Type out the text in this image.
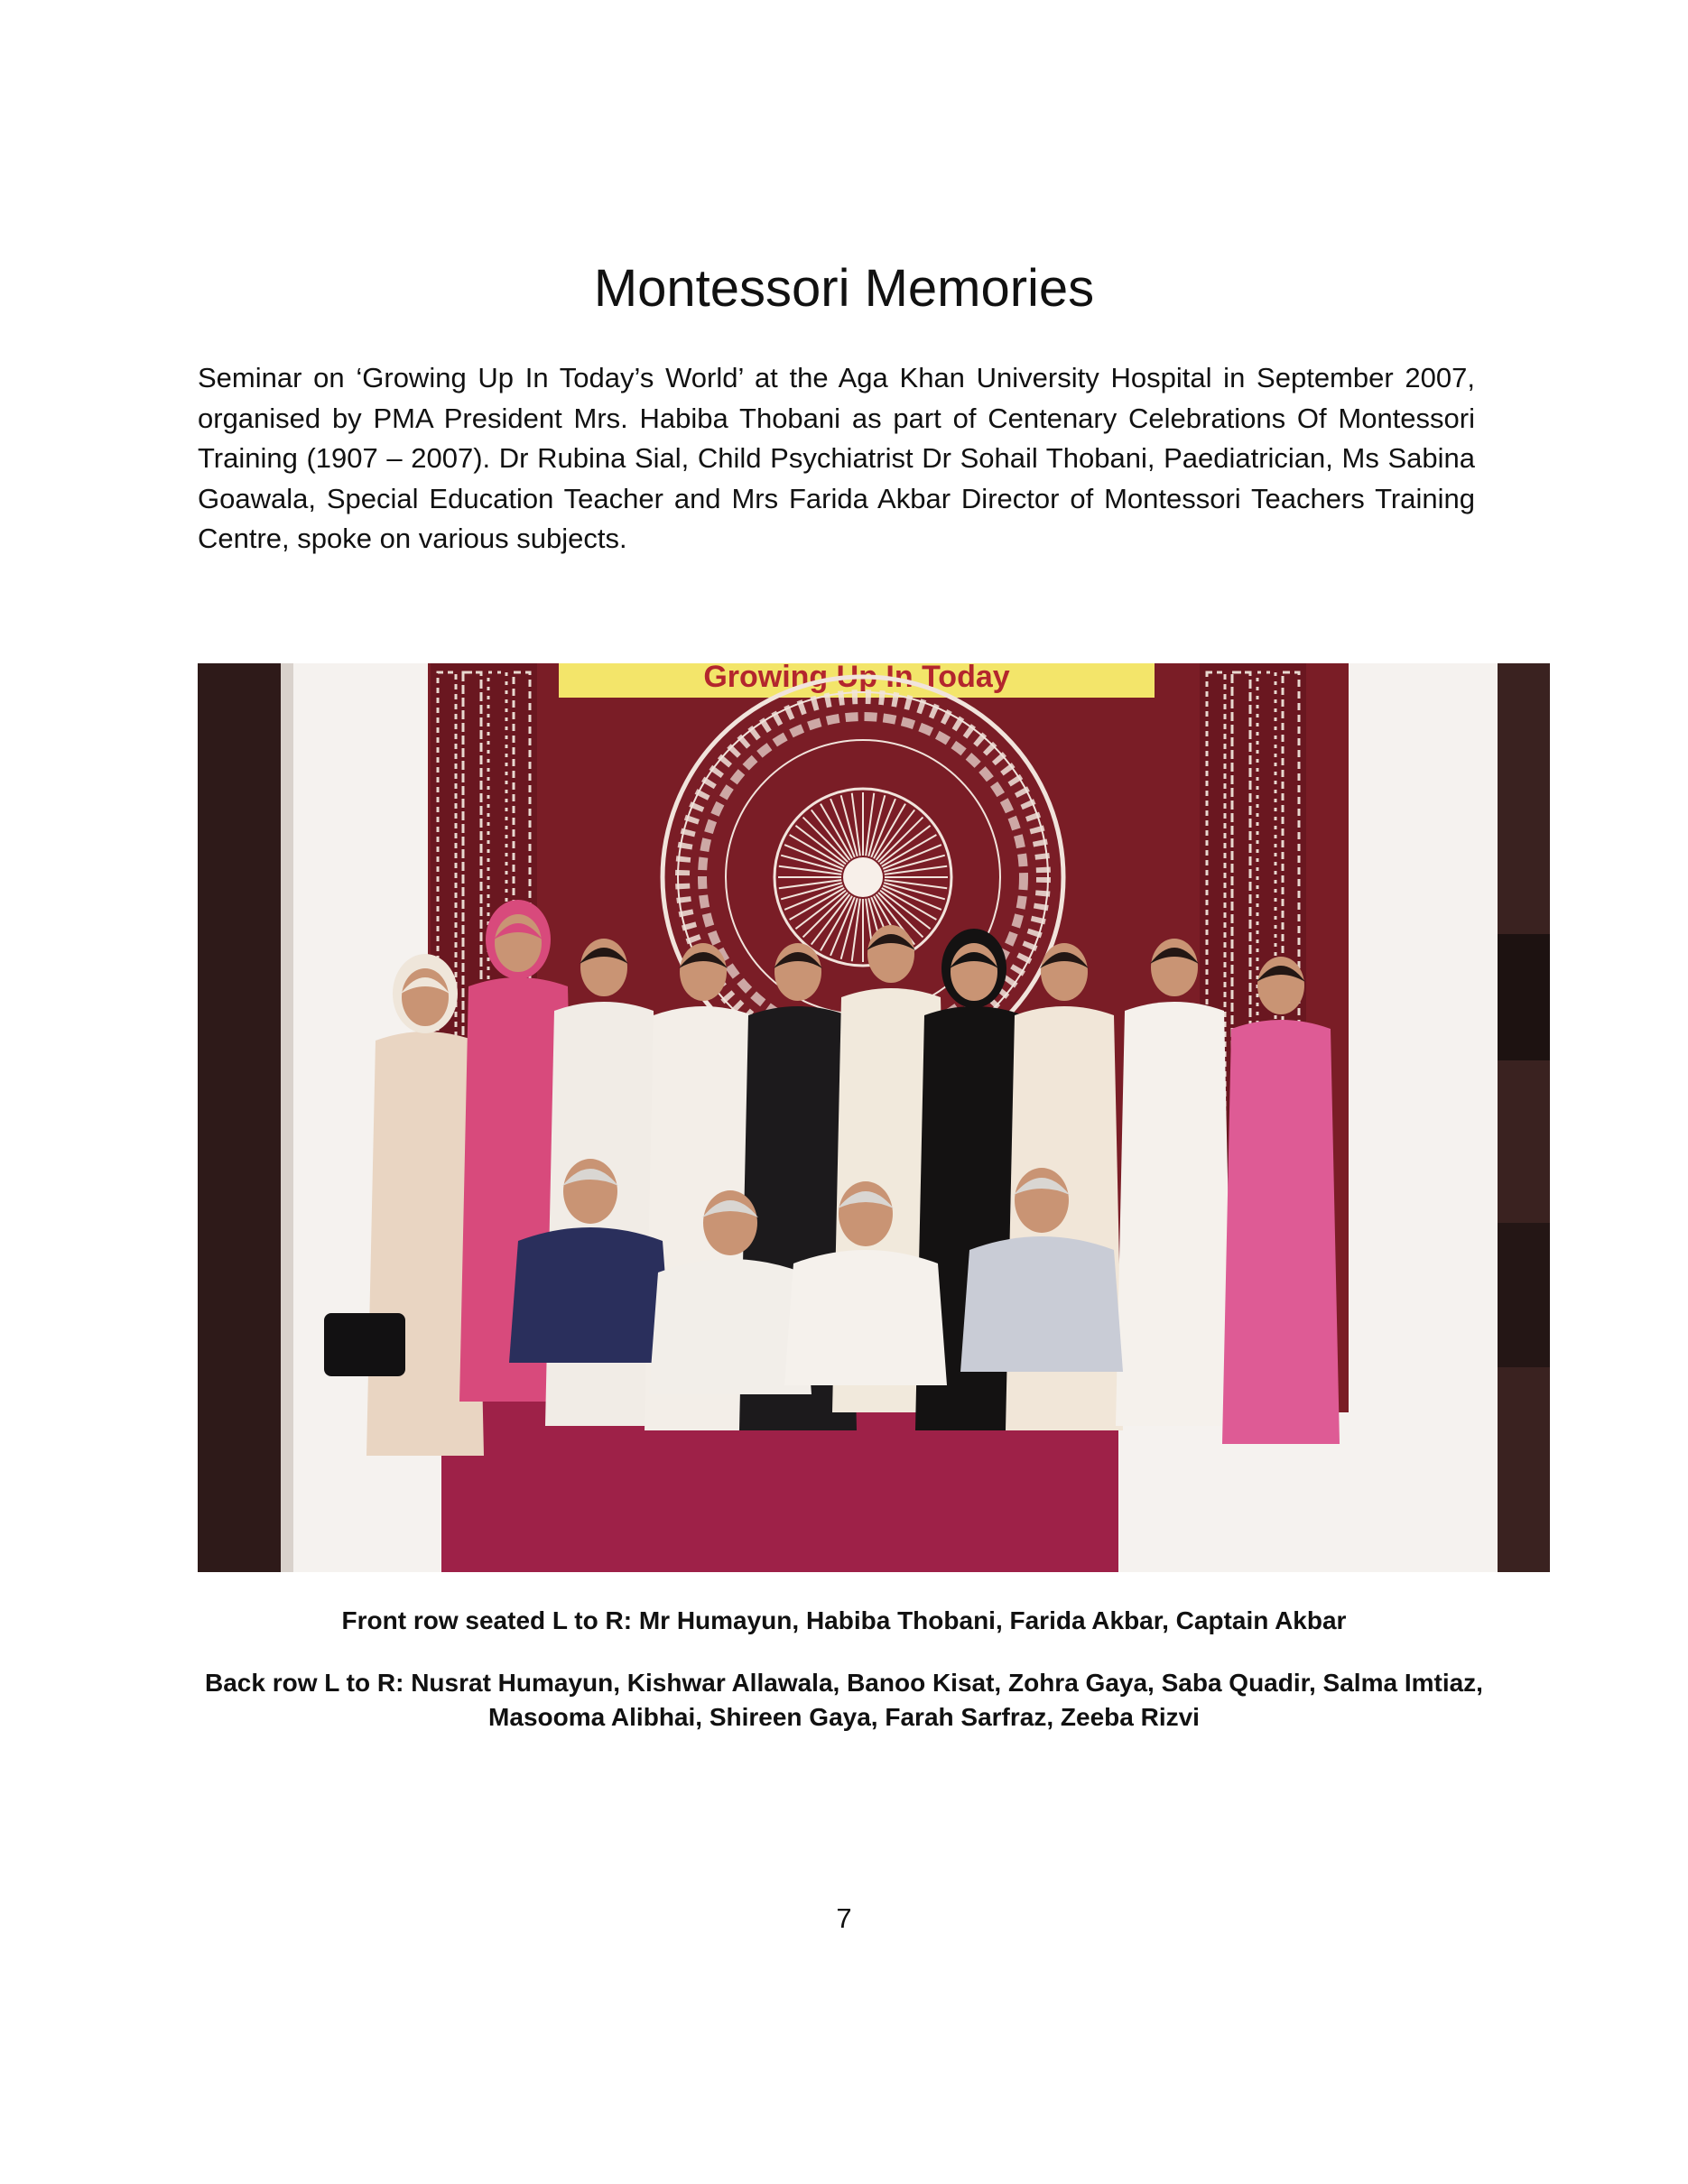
Montessori Memories

Seminar on ‘Growing Up In Today’s World’ at the Aga Khan University Hospital in September 2007, organised by PMA President Mrs. Habiba Thobani as part of Centenary Celebrations Of Montessori Training (1907 – 2007). Dr Rubina Sial, Child Psychiatrist Dr Sohail Thobani, Paediatrician, Ms Sabina Goawala, Special Education Teacher and Mrs Farida Akbar Director of Montessori Teachers Training Centre, spoke on various subjects.

Growing Up In Today

Front row seated L to R: Mr Humayun, Habiba Thobani, Farida Akbar, Captain Akbar

Back row L to R: Nusrat Humayun, Kishwar Allawala, Banoo Kisat, Zohra Gaya, Saba Quadir, Salma Imtiaz, Masooma Alibhai, Shireen Gaya, Farah Sarfraz, Zeeba Rizvi

7
